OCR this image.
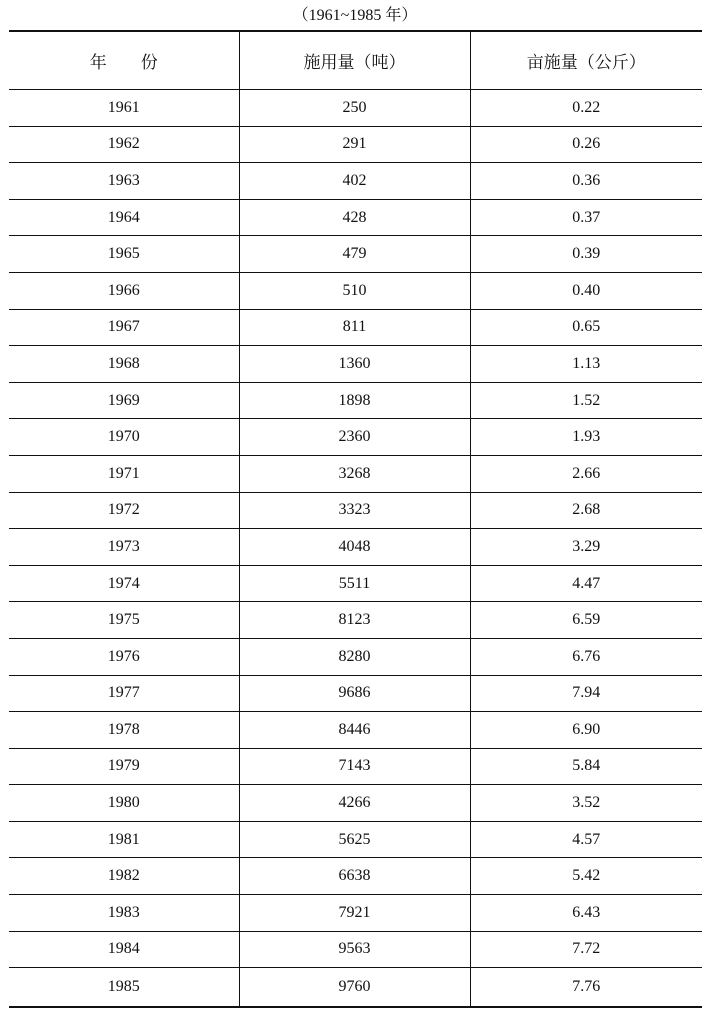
（1961~1985 年）
年　　份	施用量（吨）	亩施量（公斤）
1961	250	0.22
1962	291	0.26
1963	402	0.36
1964	428	0.37
1965	479	0.39
1966	510	0.40
1967	811	0.65
1968	1360	1.13
1969	1898	1.52
1970	2360	1.93
1971	3268	2.66
1972	3323	2.68
1973	4048	3.29
1974	5511	4.47
1975	8123	6.59
1976	8280	6.76
1977	9686	7.94
1978	8446	6.90
1979	7143	5.84
1980	4266	3.52
1981	5625	4.57
1982	6638	5.42
1983	7921	6.43
1984	9563	7.72
1985	9760	7.76
